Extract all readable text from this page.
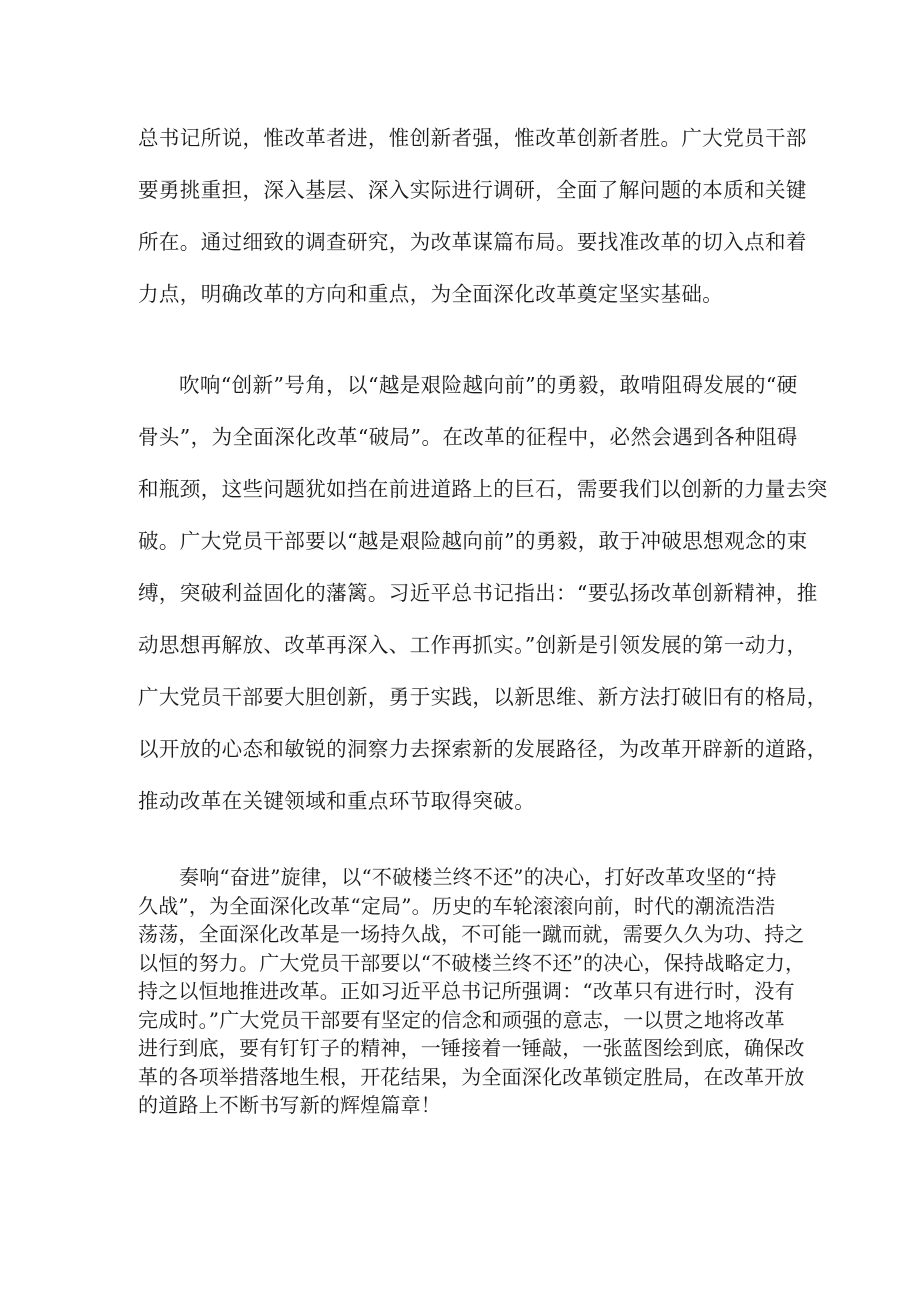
总书记所说，惟改革者进，惟创新者强，惟改革创新者胜。广大党员干部
要勇挑重担，深入基层、深入实际进行调研，全面了解问题的本质和关键
所在。通过细致的调查研究，为改革谋篇布局。要找准改革的切入点和着
力点，明确改革的方向和重点，为全面深化改革奠定坚实基础。
吹响“创新”号角，以“越是艰险越向前”的勇毅，敢啃阻碍发展的“硬
骨头”，为全面深化改革“破局”。在改革的征程中，必然会遇到各种阻碍
和瓶颈，这些问题犹如挡在前进道路上的巨石，需要我们以创新的力量去突
破。广大党员干部要以“越是艰险越向前”的勇毅，敢于冲破思想观念的束
缚，突破利益固化的藩篱。习近平总书记指出：“要弘扬改革创新精神，推
动思想再解放、改革再深入、工作再抓实。”创新是引领发展的第一动力，
广大党员干部要大胆创新，勇于实践，以新思维、新方法打破旧有的格局，
以开放的心态和敏锐的洞察力去探索新的发展路径，为改革开辟新的道路，
推动改革在关键领域和重点环节取得突破。
奏响“奋进”旋律，以“不破楼兰终不还”的决心，打好改革攻坚的“持
久战”，为全面深化改革“定局”。历史的车轮滚滚向前，时代的潮流浩浩
荡荡，全面深化改革是一场持久战，不可能一蹴而就，需要久久为功、持之
以恒的努力。广大党员干部要以“不破楼兰终不还”的决心，保持战略定力，
持之以恒地推进改革。正如习近平总书记所强调：“改革只有进行时，没有
完成时。”广大党员干部要有坚定的信念和顽强的意志，一以贯之地将改革
进行到底，要有钉钉子的精神，一锤接着一锤敲，一张蓝图绘到底，确保改
革的各项举措落地生根，开花结果，为全面深化改革锁定胜局，在改革开放
的道路上不断书写新的辉煌篇章！
